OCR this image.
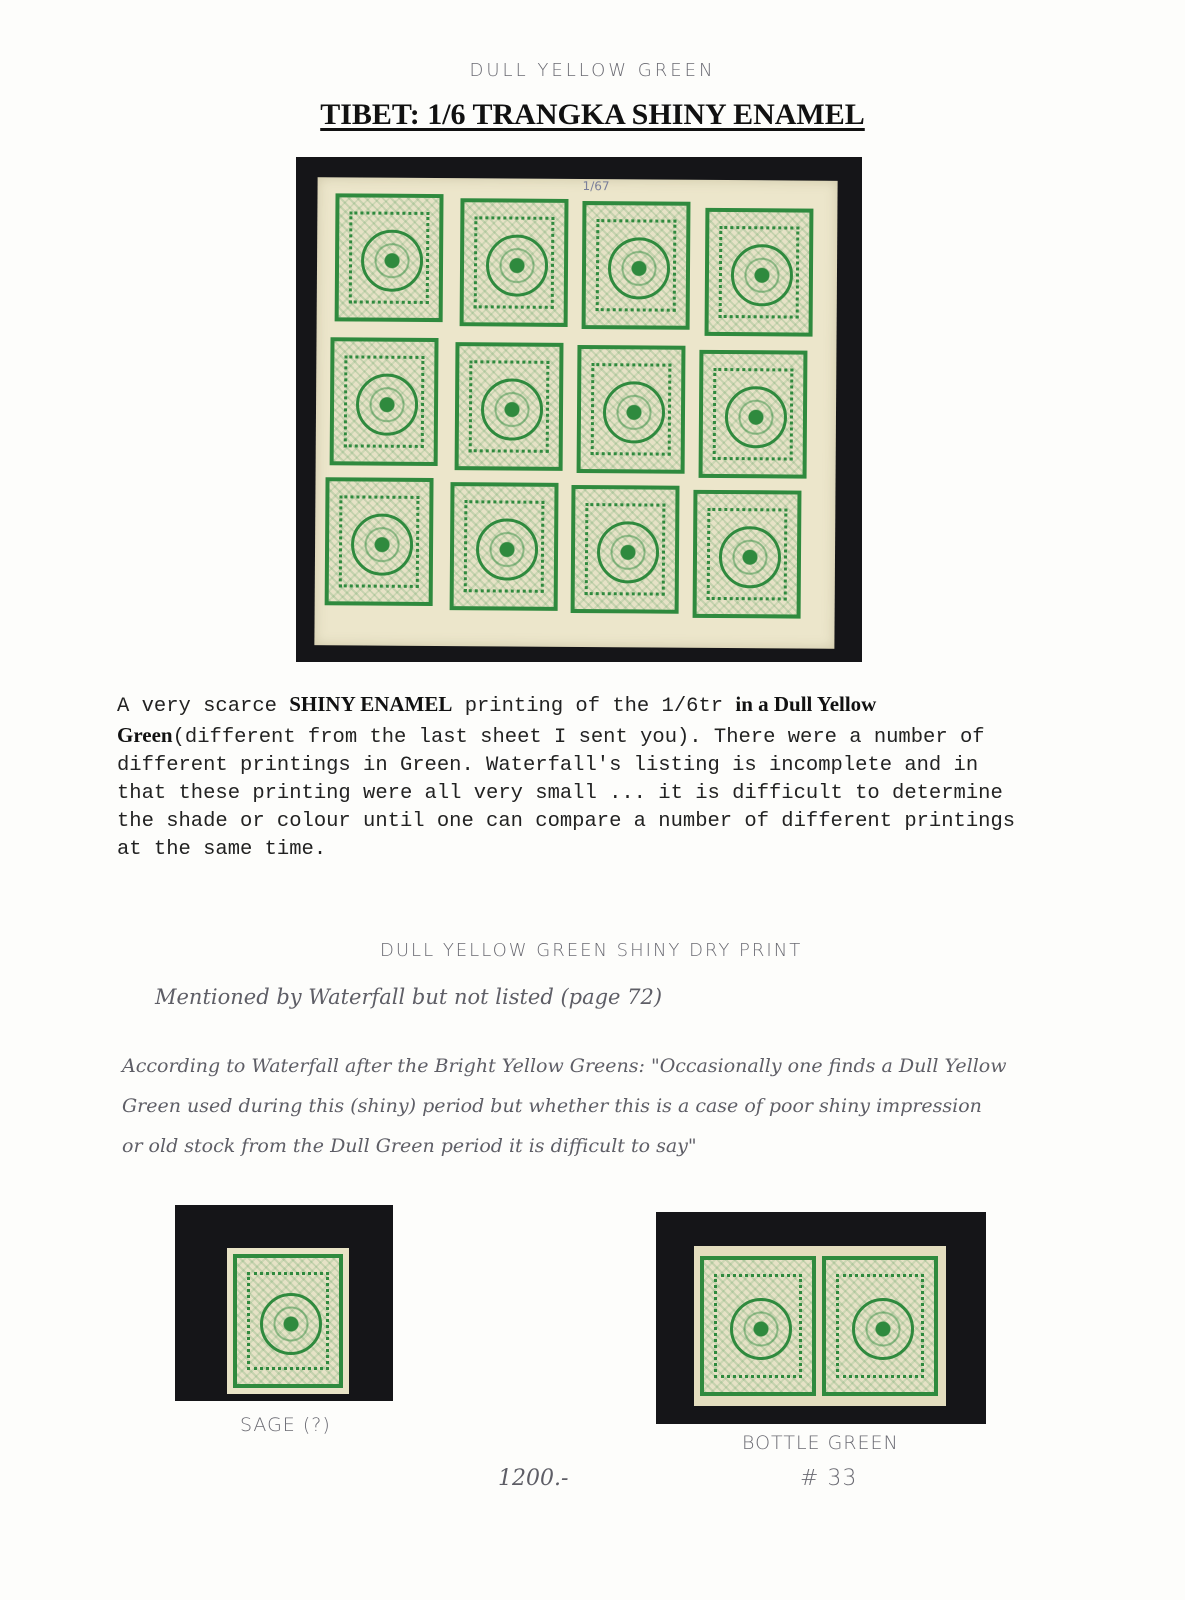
DULL YELLOW GREEN
TIBET: 1/6 TRANGKA SHINY ENAMEL
1/67
A very scarce SHINY ENAMEL printing of the 1/6tr in a Dull Yellow Green(different from the last sheet I sent you). There were a number of different printings in Green. Waterfall's listing is incomplete and in that these printing were all very small ... it is difficult to determine the shade or colour until one can compare a number of different printings at the same time.
DULL YELLOW GREEN SHINY DRY PRINT
Mentioned by Waterfall but not listed (page 72)
According to Waterfall after the Bright Yellow Greens: "Occasionally one finds a Dull Yellow
Green used during this (shiny) period but whether this is a case of poor shiny impression
or old stock from the Dull Green period it is difficult to say"
SAGE (?)
BOTTLE GREEN
# 33
1200.-
